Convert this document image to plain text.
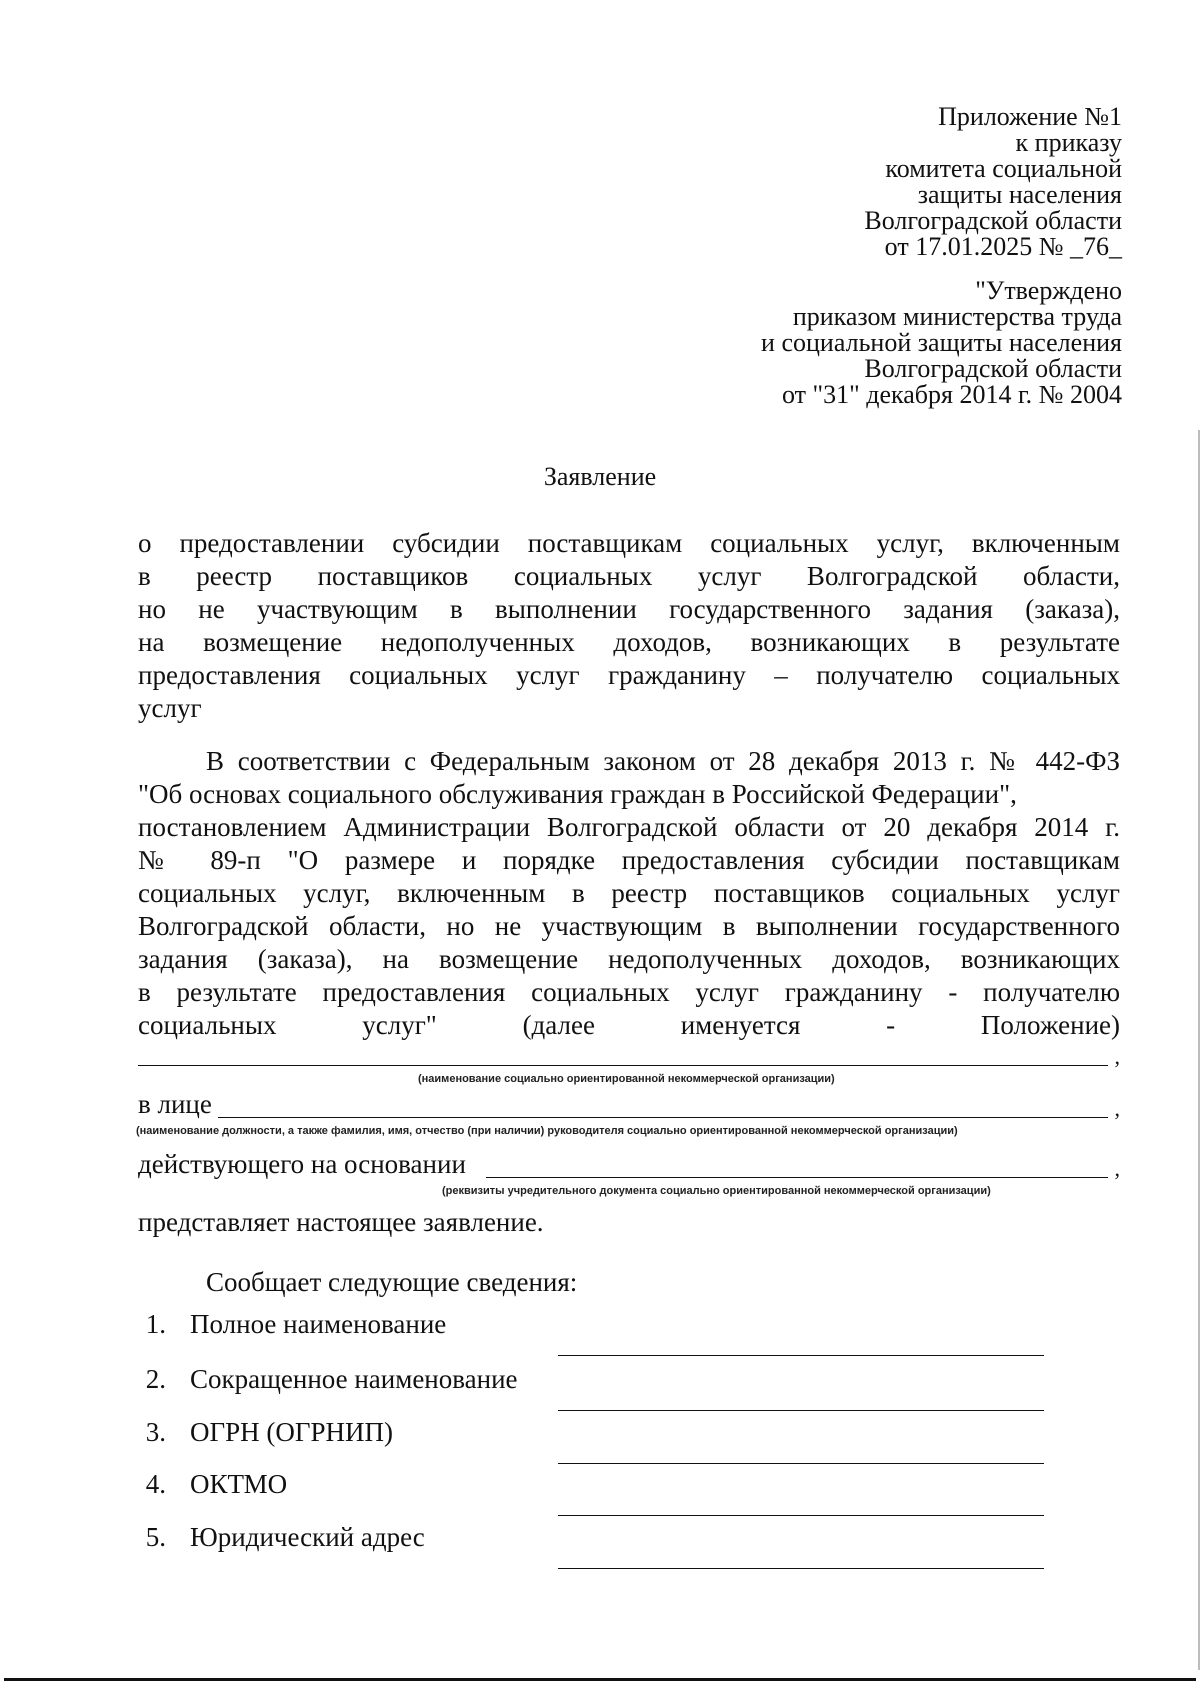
Приложение №1
к приказу
комитета социальной
защиты населения
Волгоградской области
от 17.01.2025 № _76_
"Утверждено
приказом министерства труда
и социальной защиты населения
Волгоградской области
от "31" декабря 2014 г. № 2004
Заявление
о предоставлении субсидии поставщикам социальных услуг, включенным
в реестр поставщиков социальных услуг Волгоградской области,
но не участвующим в выполнении государственного задания (заказа),
на возмещение недополученных доходов, возникающих в результате
предоставления социальных услуг гражданину – получателю социальных
услуг
В соответствии с Федеральным законом от 28 декабря 2013 г. № 442-ФЗ
"Об основах социального обслуживания граждан в Российской Федерации",
постановлением Администрации Волгоградской области от 20 декабря 2014 г.
№ 89-п "О размере и порядке предоставления субсидии поставщикам
социальных услуг, включенным в реестр поставщиков социальных услуг
Волгоградской области, но не участвующим в выполнении государственного
задания (заказа), на возмещение недополученных доходов, возникающих
в результате предоставления социальных услуг гражданину - получателю
социальных услуг" (далее именуется - Положение)
,
(наименование социально ориентированной некоммерческой организации)
в лице	,
(наименование должности, а также фамилия, имя, отчество (при наличии) руководителя социально ориентированной некоммерческой организации)
действующего на основании	,
(реквизиты учредительного документа социально ориентированной некоммерческой организации)
представляет настоящее заявление.
Сообщает следующие сведения:
1. Полное наименование
2. Сокращенное наименование
3. ОГРН (ОГРНИП)
4. ОКТМО
5. Юридический адрес
